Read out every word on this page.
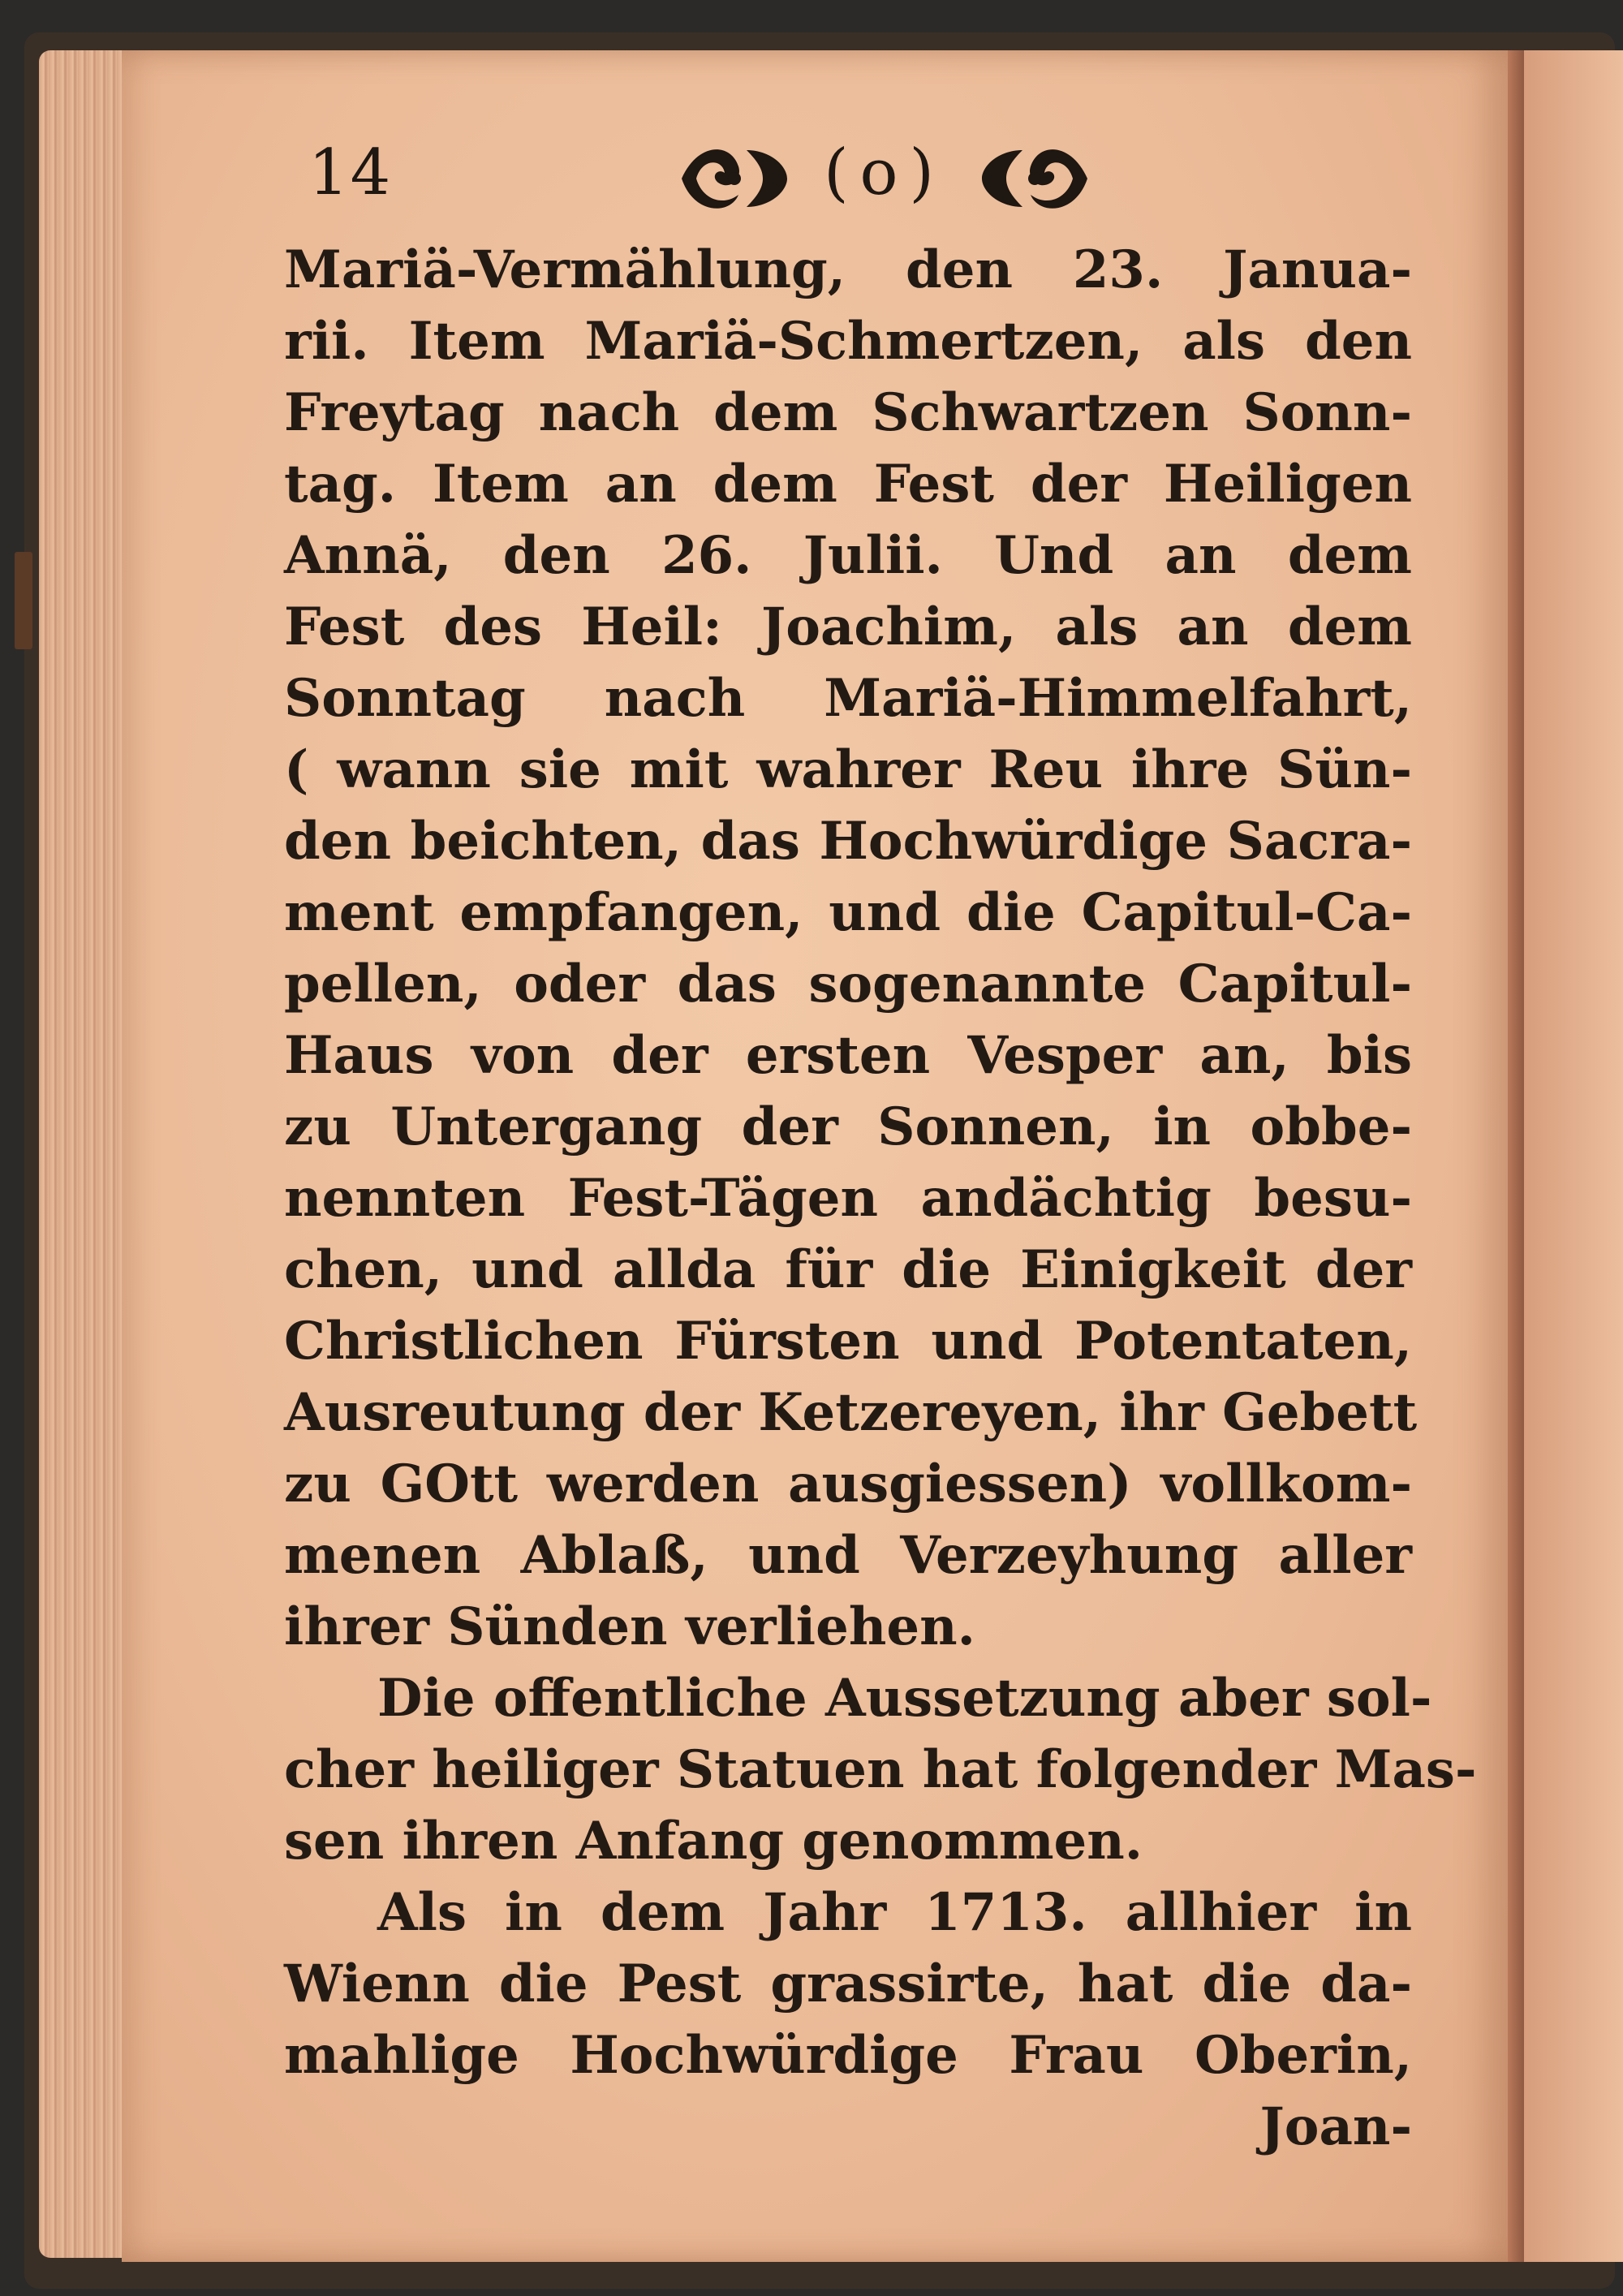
14	(o)
Mariä-Vermählung, den 23. Janua-
rii. Item Mariä-Schmertzen, als den
Freytag nach dem Schwartzen Sonn-
tag. Item an dem Fest der Heiligen
Annä, den 26. Julii. Und an dem
Fest des Heil: Joachim, als an dem
Sonntag nach Mariä-Himmelfahrt,
( wann sie mit wahrer Reu ihre Sün-
den beichten, das Hochwürdige Sacra-
ment empfangen, und die Capitul-Ca-
pellen, oder das sogenannte Capitul-
Haus von der ersten Vesper an, bis
zu Untergang der Sonnen, in obbe-
nennten Fest-Tägen andächtig besu-
chen, und allda für die Einigkeit der
Christlichen Fürsten und Potentaten,
Ausreutung der Ketzereyen, ihr Gebett
zu GOtt werden ausgiessen) vollkom-
menen Ablaß, und Verzeyhung aller
ihrer Sünden verliehen.
Die offentliche Aussetzung aber sol-
cher heiliger Statuen hat folgender Mas-
sen ihren Anfang genommen.
Als in dem Jahr 1713. allhier in
Wienn die Pest grassirte, hat die da-
mahlige Hochwürdige Frau Oberin,
Joan-
